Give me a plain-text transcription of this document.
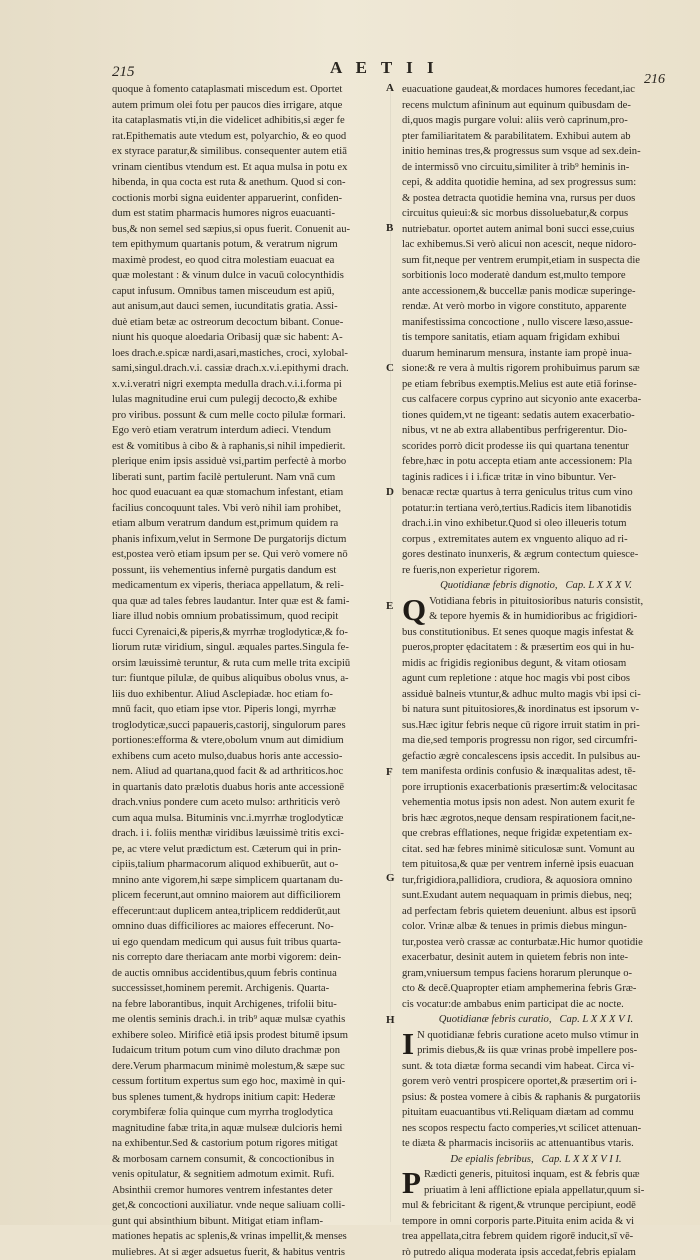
215	A E T I I
216
quoque à fomento cataplasmati miscedum est. Oportet
autem primum olei fotu per paucos dies irrigare, atque
ita cataplasmatis vti,in die videlicet adhibitis,si æger fe
rat.Epithematis aute vtedum est, polyarchio, & eo quod
ex styrace paratur,& similibus. consequenter autem etiā
vrinam cientibus vtendum est. Et aqua mulsa in potu ex
hibenda, in qua cocta est ruta & anethum. Quod si con-
coctionis morbi signa euidenter apparuerint, confiden-
dum est statim pharmacis humores nigros euacuanti-
bus,& non semel sed sæpius,si opus fuerit. Conuenit au-
tem epithymum quartanis potum, & veratrum nigrum
maximè prodest, eo quod citra molestiam euacuat ea
quæ molestant : & vinum dulce in vacuū colocynthidis
caput infusum. Omnibus tamen misceudum est apiū,
aut anisum,aut dauci semen, iucunditatis gratia. Assi-
duè etiam betæ ac ostreorum decoctum bibant. Conue-
niunt his quoque aloedaria Oribasij quæ sic habent: A-
loes drach.e.spicæ nardi,asari,mastiches, croci, xylobal-
sami,singul.drach.v.i. cassiæ drach.x.v.i.epithymi drach.
x.v.i.veratri nigri exempta medulla drach.v.i.i.forma pi
lulas magnitudine erui cum pulegij decocto,& exhibe
pro viribus. possunt & cum melle cocto pilulæ formari.
Ego verò etiam veratrum interdum adieci. Vtendum
est & vomitibus à cibo & à raphanis,si nihil impedierit.
plerique enim ipsis assiduè vsi,partim perfectè à morbo
liberati sunt, partim facilè pertulerunt. Nam vnā cum
hoc quod euacuant ea quæ stomachum infestant, etiam
facilius concoquunt tales. Vbi verò nihil iam prohibet,
etiam album veratrum dandum est,primum quidem ra
phanis infixum,velut in Sermone De purgatorijs dictum
est,postea verò etiam ipsum per se. Qui verò vomere nō
possunt, iis vehementius infernè purgatis dandum est
medicamentum ex viperis, theriaca appellatum, & reli-
qua quæ ad tales febres laudantur. Inter quæ est & fami-
liare illud nobis omnium probatissimum, quod recipit
fucci Cyrenaici,& piperis,& myrrhæ troglodyticæ,& fo-
liorum rutæ viridium, singul. æquales partes.Singula fe-
orsim læuissimè teruntur, & ruta cum melle trita excipiū
tur: fiuntque pilulæ, de quibus aliquibus obolus vnus, a-
liis duo exhibentur. Aliud Asclepiadæ. hoc etiam fo-
mnū facit, quo etiam ipse vtor. Piperis longi, myrrhæ
troglodyticæ,succi papaueris,castorij, singulorum pares
portiones:efforma & vtere,obolum vnum aut dimidium
exhibens cum aceto mulso,duabus horis ante accessio-
nem. Aliud ad quartana,quod facit & ad arthriticos.hoc
in quartanis dato prælotis duabus horis ante accessionē
drach.vnius pondere cum aceto mulso: arthriticis verò
cum aqua mulsa. Bituminis vnc.i.myrrhæ troglodyticæ
drach. i i. foliis menthæ viridibus læuissimè tritis exci-
pe, ac vtere velut prædictum est. Cæterum qui in prin-
cipiis,talium pharmacorum aliquod exhibuerūt, aut o-
mnino ante vigorem,hi sæpe simplicem quartanam du-
plicem fecerunt,aut omnino maiorem aut difficiliorem
effecerunt:aut duplicem antea,triplicem reddiderūt,aut
omnino duas difficiliores ac maiores effecerunt. No-
ui ego quendam medicum qui ausus fuit tribus quarta-
nis correpto dare theriacam ante morbi vigorem: dein-
de auctis omnibus accidentibus,quum febris continua
successisset,hominem peremit. Archigenis. Quarta-
na febre laborantibus, inquit Archigenes, trifolii bitu-
me olentis seminis drach.i. in trib⁹ aquæ mulsæ cyathis
exhibere soleo. Mirificè etiā ipsis prodest bitumē ipsum
Iudaicum tritum potum cum vino diluto drachmæ pon
dere.Verum pharmacum minimè molestum,& sæpe suc
cessum fortitum expertus sum ego hoc, maximè in qui-
bus splenes tument,& hydrops initium capit: Hederæ
corymbiferæ folia quinque cum myrrha troglodytica
magnitudine fabæ trita,in aquæ mulseæ dulcioris hemi
na exhibentur.Sed & castorium potum rigores mitigat
& morbosam carnem consumit, & concoctionibus in
venis opitulatur, & segnitiem admotum eximit. Rufi.
Absinthii cremor humores ventrem infestantes deter
get,& concoctioni auxiliatur. vnde neque saliuam colli-
gunt qui absinthium bibunt. Mitigat etiam inflam-
mationes hepatis ac splenis,& vrinas impellit,& menses
muliebres. At si æger adsuetus fuerit, & habitus ventris
euacuatione gaudeat,& mordaces humores fecedant,iac
recens mulctum afininum aut equinum quibusdam de-
di,quos magis purgare volui: aliis verò caprinum,pro-
pter familiaritatem & parabilitatem. Exhibui autem ab
initio heminas tres,& progressus sum vsque ad sex.dein-
de intermissō vno circuitu,similiter à trib⁹ heminis in-
cepi, & addita quotidie hemina, ad sex progressus sum:
& postea detracta quotidie hemina vna, rursus per duos
circuitus quieui:& sic morbus dissoluebatur,& corpus
nutriebatur. oportet autem animal boni succi esse,cuius
lac exhibemus.Si verò alicui non acescit, neque nidoro-
sum fit,neque per ventrem erumpit,etiam in suspecta die
sorbitionis loco moderatè dandum est,multo tempore
ante accessionem,& buccellæ panis modicæ superinge-
rendæ. At verò morbo in vigore constituto, apparente
manifestissima concoctione , nullo viscere læso,assue-
tis tempore sanitatis, etiam aquam frigidam exhibui
duarum heminarum mensura, instante iam propè inua-
sione:& re vera à multis rigorem prohibuimus parum sæ
pe etiam febribus exemptis.Melius est aute etiā forinse-
cus calfacere corpus cyprino aut sicyonio ante exacerba-
tiones quidem,vt ne tigeant: sedatis autem exacerbatio-
nibus, vt ne ab extra allabentibus perfrigerentur. Dio-
scorides porrò dicit prodesse iis qui quartana tenentur
febre,hæc in potu accepta etiam ante accessionem: Pla
taginis radices i i i.ficæ tritæ in vino bibuntur. Ver-
benacæ rectæ quartus à terra geniculus tritus cum vino
potatur:in tertiana verò,tertius.Radicis item libanotidis
drach.i.in vino exhibetur.Quod si oleo illeueris totum
corpus , extremitates autem ex vnguento aliquo ad ri-
gores destinato inunxeris, & ægrum contectum quiesce-
re fueris,non experietur rigorem.
Quotidianæ febris dignotio, Cap. L X X X V.
Q Votidiana febris in pituitosioribus naturis consistit,
& tepore hyemis & in humidioribus ac frigidiori-
bus constitutionibus. Et senes quoque magis infestat &
pueros,propter ędacitatem : & præsertim eos qui in hu-
midis ac frigidis regionibus degunt, & vitam otiosam
agunt cum repletione : atque hoc magis vbi post cibos
assiduè balneis vtuntur,& adhuc multo magis vbi ipsi ci-
bi natura sunt pituitosiores,& inordinatus est ipsorum v-
sus.Hæc igitur febris neque cū rigore irruit statim in pri-
ma die,sed temporis progressu non rigor, sed circumfri-
gefactio ægrè concalescens ipsis accedit. In pulsibus au-
tem manifesta ordinis confusio & inæqualitas adest, tē-
pore irruptionis exacerbationis præsertim:& velocitasac
vehementia motus ipsis non adest. Non autem exurit fe
bris hæc ægrotos,neque densam respirationem facit,ne-
que crebras efflationes, neque frigidæ expetentiam ex-
citat. sed hæ febres minimè siticulosæ sunt. Vomunt au
tem pituitosa,& quæ per ventrem infernè ipsis euacuan
tur,frigidiora,pallidiora, crudiora, & aquosiora omnino
sunt.Exudant autem nequaquam in primis diebus, neq;
ad perfectam febris quietem deueniunt. albus est ipsorū
color. Vrinæ albæ & tenues in primis diebus mingun-
tur,postea verò crassæ ac conturbatæ.Hic humor quotidie
exacerbatur, desinit autem in quietem febris non inte-
gram,vniuersum tempus faciens horarum plerunque o-
cto & decē.Quapropter etiam amphemerina febris Græ-
cis vocatur:de ambabus enim participat die ac nocte.
Quotidianæ febris curatio, Cap. L X X X V I.
I N quotidianæ febris curatione aceto mulso vtimur in
primis diebus,& iis quæ vrinas probè impellere pos-
sunt. & tota diætæ forma secandi vim habeat. Circa vi-
gorem verò ventri prospicere oportet,& præsertim ori i-
psius: & postea vomere à cibis & raphanis & purgatoriis
pituitam euacuantibus vti.Reliquam diætam ad commu
nes scopos respectu facto comperies,vt scilicet attenuan-
te diæta & pharmacis incisoriis ac attenuantibus vtaris.
De epialis febribus, Cap. L X X X V I I.
P Rædicti generis, pituitosi inquam, est & febris quæ
priuatim à leni afflictione epiala appellatur,quum si-
mul & febricitant & rigent,& vtrunque percipiunt, eodē
tempore in omni corporis parte.Pituita enim acida & vi
trea appellata,citra febrem quidem rigorē inducit,sī vē-
rò putredo aliqua moderata ipsis accedat,febris epialam
A
B
C
D
E
F
G
H
